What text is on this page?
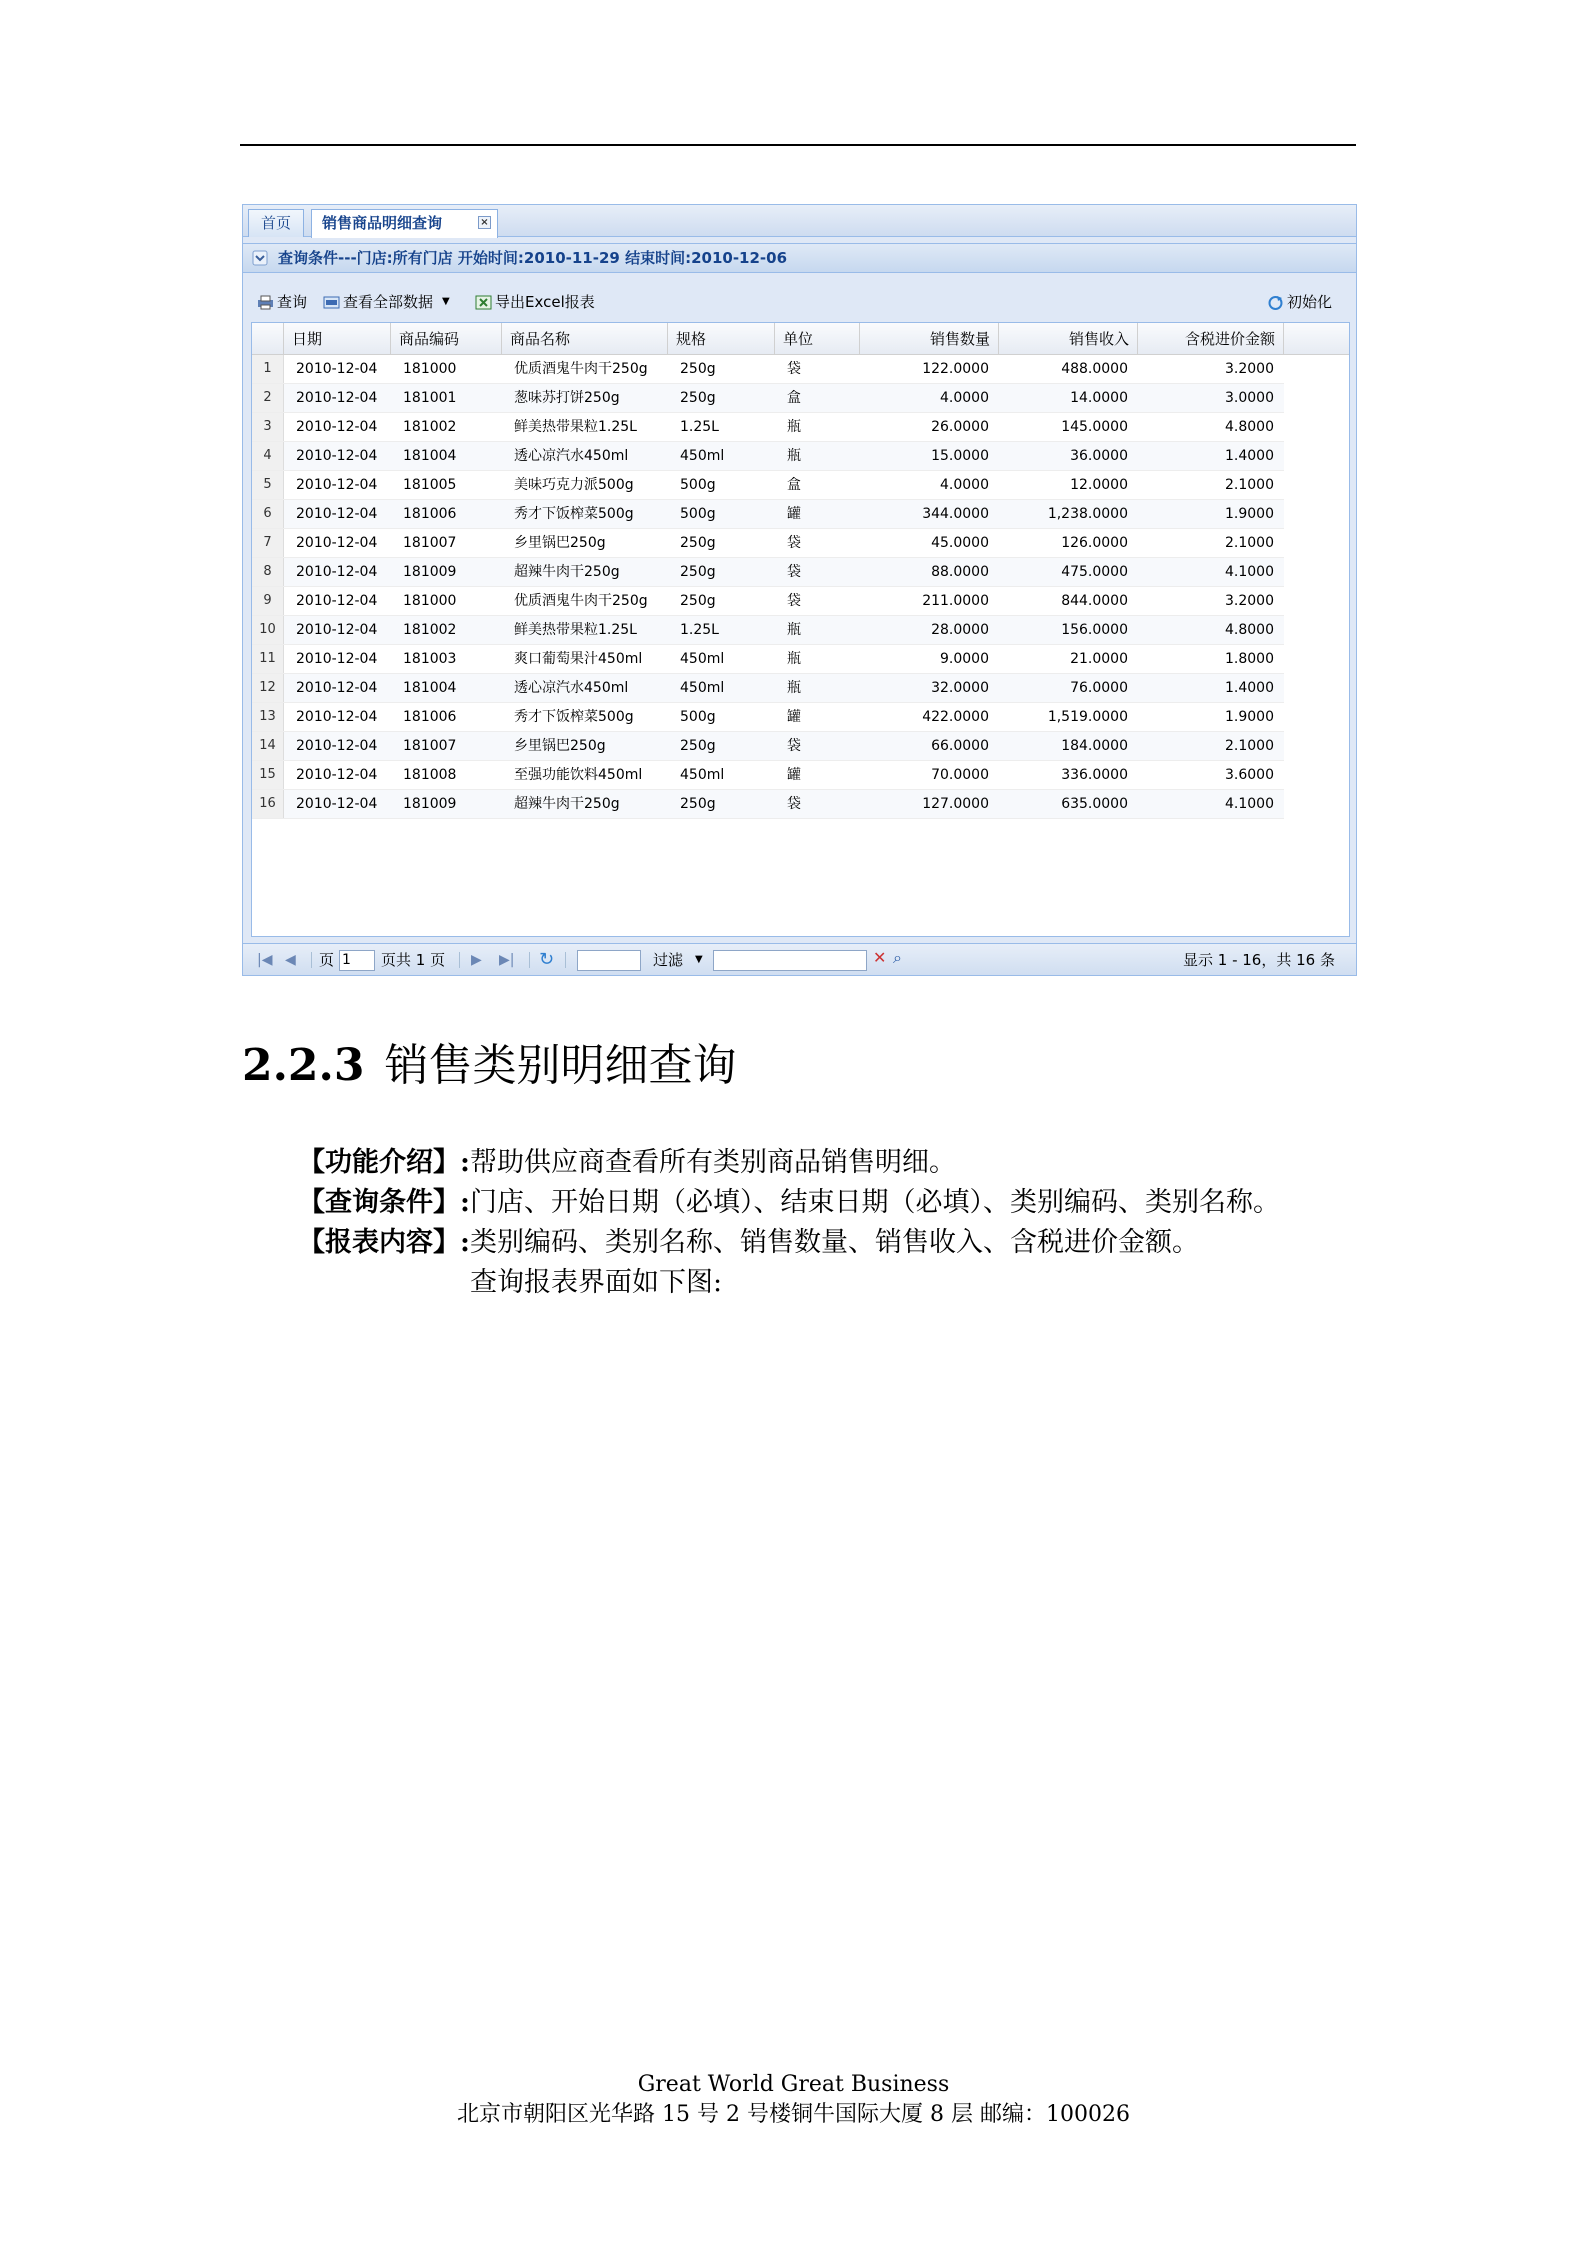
首页	销售商品明细查询	×
查询条件---门店:所有门店 开始时间:2010-11-29 结束时间:2010-12-06
查询 查看全部数据 ▼	导出Excel报表	初始化
日期	商品编码	商品名称	规格	单位	销售数量	销售收入	含税进价金额
1	2010-12-04	181000	优质酒鬼牛肉干250g	250g	袋	122.0000	488.0000	3.2000
2	2010-12-04	181001	葱味苏打饼250g	250g	盒	4.0000	14.0000	3.0000
3	2010-12-04	181002	鲜美热带果粒1.25L	1.25L	瓶	26.0000	145.0000	4.8000
4	2010-12-04	181004	透心凉汽水450ml	450ml	瓶	15.0000	36.0000	1.4000
5	2010-12-04	181005	美味巧克力派500g	500g	盒	4.0000	12.0000	2.1000
6	2010-12-04	181006	秀才下饭榨菜500g	500g	罐	344.0000	1,238.0000	1.9000
7	2010-12-04	181007	乡里锅巴250g	250g	袋	45.0000	126.0000	2.1000
8	2010-12-04	181009	超辣牛肉干250g	250g	袋	88.0000	475.0000	4.1000
9	2010-12-04	181000	优质酒鬼牛肉干250g	250g	袋	211.0000	844.0000	3.2000
10	2010-12-04	181002	鲜美热带果粒1.25L	1.25L	瓶	28.0000	156.0000	4.8000
11	2010-12-04	181003	爽口葡萄果汁450ml	450ml	瓶	9.0000	21.0000	1.8000
12	2010-12-04	181004	透心凉汽水450ml	450ml	瓶	32.0000	76.0000	1.4000
13	2010-12-04	181006	秀才下饭榨菜500g	500g	罐	422.0000	1,519.0000	1.9000
14	2010-12-04	181007	乡里锅巴250g	250g	袋	66.0000	184.0000	2.1000
15	2010-12-04	181008	至强功能饮料450ml	450ml	罐	70.0000	336.0000	3.6000
16	2010-12-04	181009	超辣牛肉干250g	250g	袋	127.0000	635.0000	4.1000
|◀ ◀ 页 1	页共 1 页 ▶ ▶| ↻	过滤 ▼	✕ ⌕	显示 1 - 16，共 16 条
2.2.3 销售类别明细查询
【功能介绍】:帮助供应商查看所有类别商品销售明细。
【查询条件】:门店、开始日期（必填）、结束日期（必填）、类别编码、类别名称。
【报表内容】:类别编码、类别名称、销售数量、销售收入、含税进价金额。
查询报表界面如下图:
Great World Great Business
北京市朝阳区光华路 15 号 2 号楼铜牛国际大厦 8 层 邮编：100026
